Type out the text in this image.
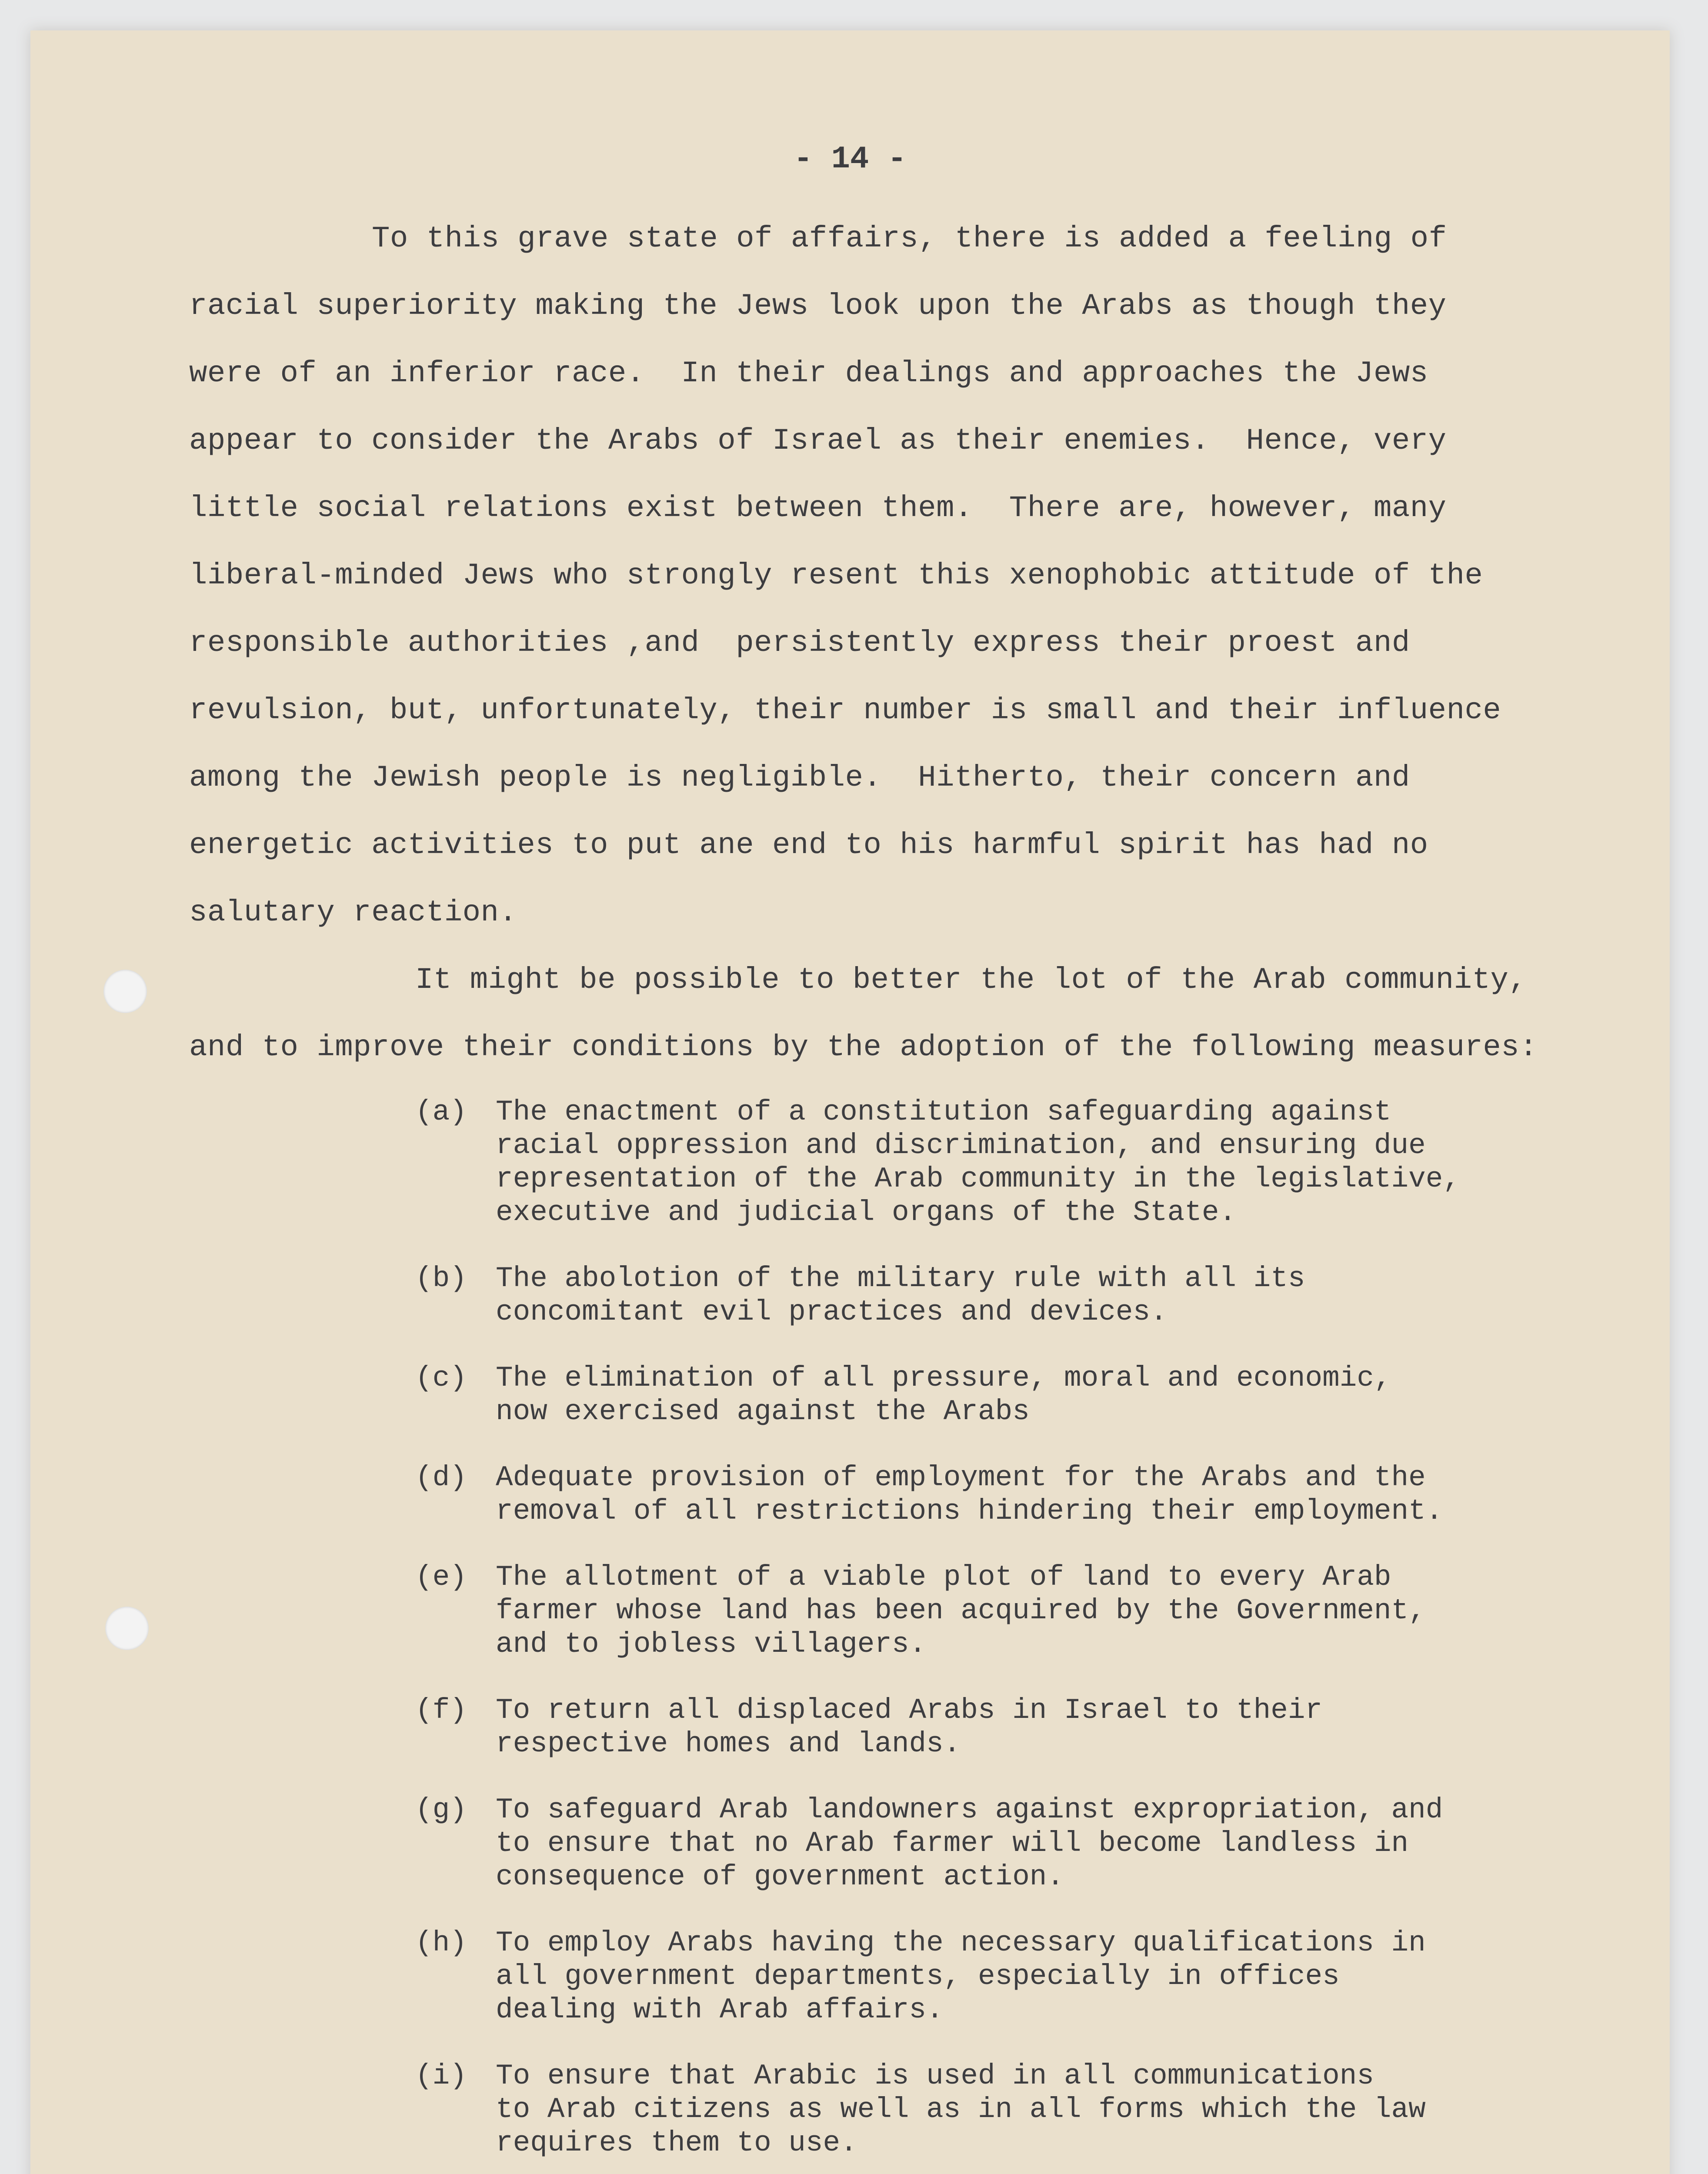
- 14 -
To this grave state of affairs, there is added a feeling of
racial superiority making the Jews look upon the Arabs as though they
were of an inferior race.  In their dealings and approaches the Jews
appear to consider the Arabs of Israel as their enemies.  Hence, very
little social relations exist between them.  There are, however, many
liberal-minded Jews who strongly resent this xenophobic attitude of the
responsible authorities ,and  persistently express their proest and
revulsion, but, unfortunately, their number is small and their influence
among the Jewish people is negligible.  Hitherto, their concern and
energetic activities to put ane end to his harmful spirit has had no
salutary reaction.
It might be possible to better the lot of the Arab community,
and to improve their conditions by the adoption of the following measures:
(a) The enactment of a constitution safeguarding against
racial oppression and discrimination, and ensuring due
representation of the Arab community in the legislative,
executive and judicial organs of the State.
(b) The abolotion of the military rule with all its
concomitant evil practices and devices.
(c) The elimination of all pressure, moral and economic,
now exercised against the Arabs
(d) Adequate provision of employment for the Arabs and the
removal of all restrictions hindering their employment.
(e) The allotment of a viable plot of land to every Arab
farmer whose land has been acquired by the Government,
and to jobless villagers.
(f) To return all displaced Arabs in Israel to their
respective homes and lands.
(g) To safeguard Arab landowners against expropriation, and
to ensure that no Arab farmer will become landless in
consequence of government action.
(h) To employ Arabs having the necessary qualifications in
all government departments, especially in offices
dealing with Arab affairs.
(i) To ensure that Arabic is used in all communications
to Arab citizens as well as in all forms which the law
requires them to use.
